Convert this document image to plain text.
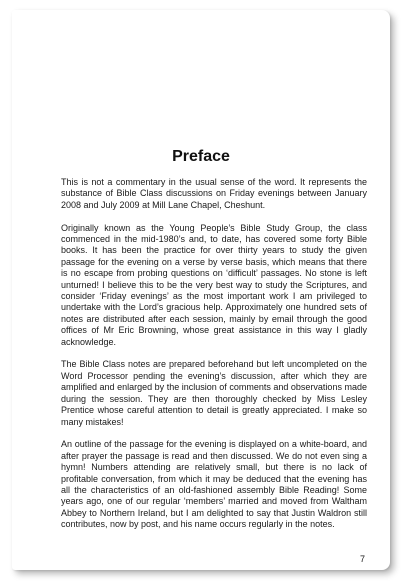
Preface

This is not a commentary in the usual sense of the word. It represents the substance of Bible Class discussions on Friday evenings between January 2008 and July 2009 at Mill Lane Chapel, Cheshunt.

Originally known as the Young People’s Bible Study Group, the class commenced in the mid-1980’s and, to date, has covered some forty Bible books. It has been the practice for over thirty years to study the given passage for the evening on a verse by verse basis, which means that there is no escape from probing questions on ‘difficult’ passages. No stone is left unturned! I believe this to be the very best way to study the Scriptures, and consider ‘Friday evenings’ as the most important work I am privileged to undertake with the Lord’s gracious help. Approximately one hundred sets of notes are distributed after each session, mainly by email through the good offices of Mr Eric Browning, whose great assistance in this way I gladly acknowledge.

The Bible Class notes are prepared beforehand but left uncompleted on the Word Processor pending the evening’s discussion, after which they are amplified and enlarged by the inclusion of comments and observations made during the session. They are then thoroughly checked by Miss Lesley Prentice whose careful attention to detail is greatly appreciated. I make so many mistakes!

An outline of the passage for the evening is displayed on a white-board, and after prayer the passage is read and then discussed. We do not even sing a hymn! Numbers attending are relatively small, but there is no lack of profitable conversation, from which it may be deduced that the evening has all the characteristics of an old-fashioned assembly Bible Reading! Some years ago, one of our regular ‘members’ married and moved from Waltham Abbey to Northern Ireland, but I am delighted to say that Justin Waldron still contributes, now by post, and his name occurs regularly in the notes.

7
